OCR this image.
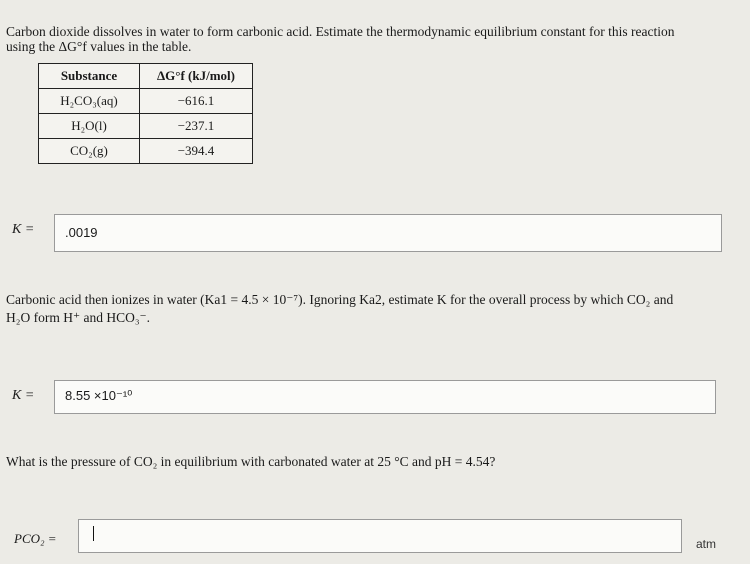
Carbon dioxide dissolves in water to form carbonic acid. Estimate the thermodynamic equilibrium constant for this reaction
using the ΔG°f values in the table.
Substance	ΔG°f (kJ/mol)
H₂CO₃(aq)	−616.1
H₂O(l)	−237.1
CO₂(g)	−394.4
K = .0019
Carbonic acid then ionizes in water (Ka1 = 4.5 × 10⁻⁷). Ignoring Ka2, estimate K for the overall process by which CO₂ and
H₂O form H⁺ and HCO₃⁻.
K = 8.55 ×10⁻¹⁰
What is the pressure of CO₂ in equilibrium with carbonated water at 25 °C and pH = 4.54?
PCO₂ =	atm
